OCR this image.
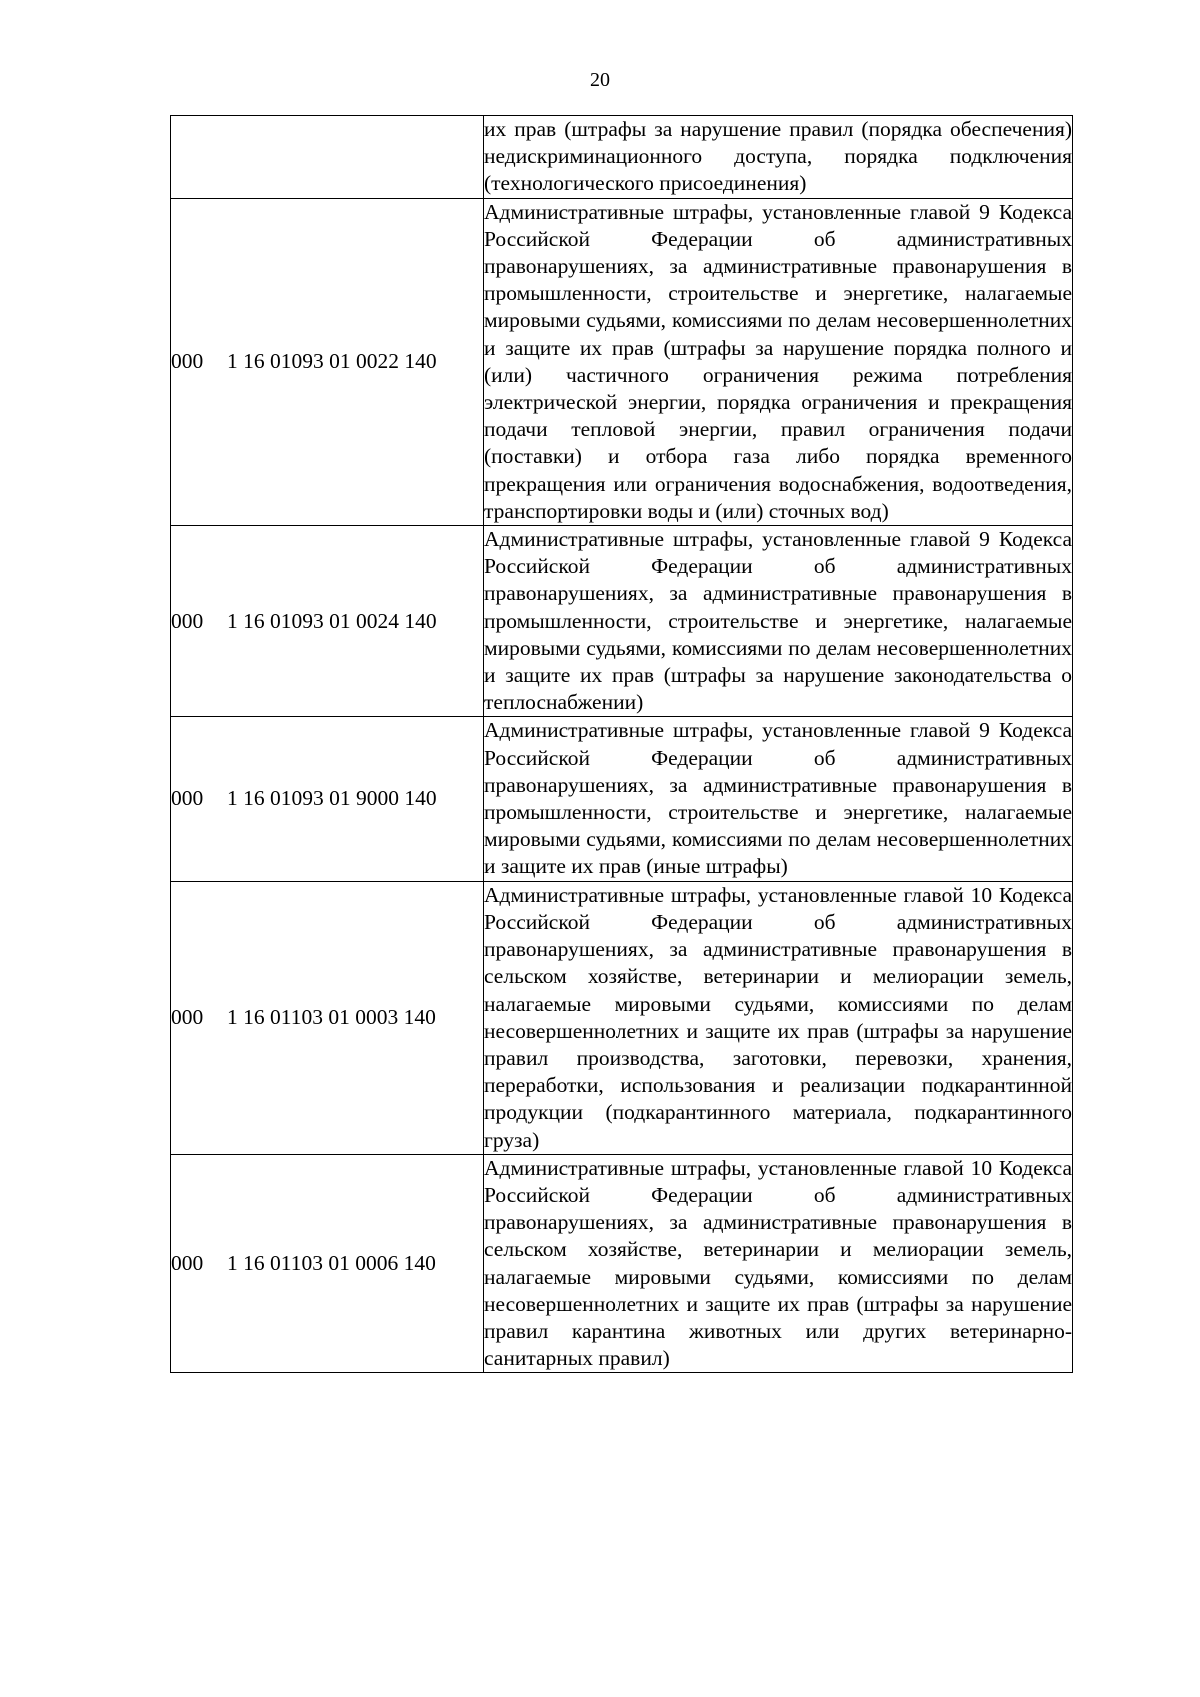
20
	их прав (штрафы за нарушение правил (порядка обеспечения) недискриминационного доступа, порядка подключения (технологического присоединения)
000 1 16 01093 01 0022 140	Административные штрафы, установленные главой 9 Кодекса Российской Федерации об административных правонарушениях, за административные правонарушения в промышленности, строительстве и энергетике, налагаемые мировыми судьями, комиссиями по делам несовершеннолетних и защите их прав (штрафы за нарушение порядка полного и (или) частичного ограничения режима потребления электрической энергии, порядка ограничения и прекращения подачи тепловой энергии, правил ограничения подачи (поставки) и отбора газа либо порядка временного прекращения или ограничения водоснабжения, водоотведения, транспортировки воды и (или) сточных вод)
000 1 16 01093 01 0024 140	Административные штрафы, установленные главой 9 Кодекса Российской Федерации об административных правонарушениях, за административные правонарушения в промышленности, строительстве и энергетике, налагаемые мировыми судьями, комиссиями по делам несовершеннолетних и защите их прав (штрафы за нарушение законодательства о теплоснабжении)
000 1 16 01093 01 9000 140	Административные штрафы, установленные главой 9 Кодекса Российской Федерации об административных правонарушениях, за административные правонарушения в промышленности, строительстве и энергетике, налагаемые мировыми судьями, комиссиями по делам несовершеннолетних и защите их прав (иные штрафы)
000 1 16 01103 01 0003 140	Административные штрафы, установленные главой 10 Кодекса Российской Федерации об административных правонарушениях, за административные правонарушения в сельском хозяйстве, ветеринарии и мелиорации земель, налагаемые мировыми судьями, комиссиями по делам несовершеннолетних и защите их прав (штрафы за нарушение правил производства, заготовки, перевозки, хранения, переработки, использования и реализации подкарантинной продукции (подкарантинного материала, подкарантинного груза)
000 1 16 01103 01 0006 140	Административные штрафы, установленные главой 10 Кодекса Российской Федерации об административных правонарушениях, за административные правонарушения в сельском хозяйстве, ветеринарии и мелиорации земель, налагаемые мировыми судьями, комиссиями по делам несовершеннолетних и защите их прав (штрафы за нарушение правил карантина животных или других ветеринарно-санитарных правил)
